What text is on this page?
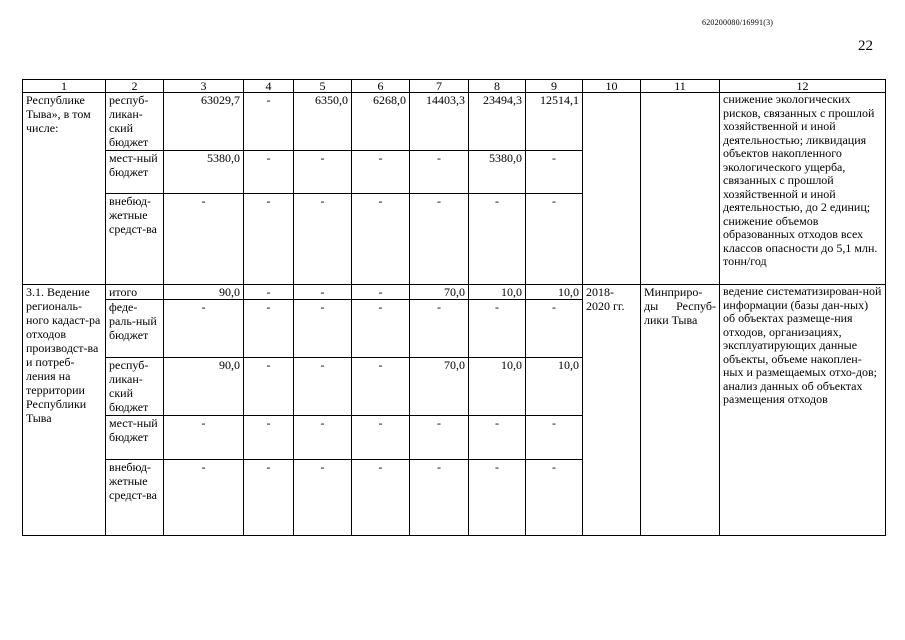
620200080/16991(3)
22
1	2	3	4	5	6	7	8	9	10	11	12
Республике Тыва», в том числе:	респуб-ликан-ский бюджет	63029,7	-	6350,0	6268,0	14403,3	23494,3	12514,1			снижение экологических рисков, связанных с прошлой хозяйственной и иной деятельностью; ликвидация объектов накопленного экологического ущерба, связанных с прошлой хозяйственной и иной деятельностью, до 2 единиц; снижение объемов образованных отходов всех классов опасности до 5,1 млн. тонн/год
	мест-ный бюджет	5380,0	-	-	-	-	5380,0	-			

	внебюд-жетные средст-ва	-	-	-	-	-	-	-			

3.1. Ведение региональ-ного кадаст-ра отходов производст-ва и потреб-ления на территории Республики Тыва	итого	90,0	-	-	-	70,0	10,0	10,0	2018-2020 гг.	Минприро-ды Респуб-лики Тыва	ведение систематизирован-ной информации (базы дан-ных) об объектах размеще-ния отходов, организациях, эксплуатирующих данные объекты, объеме накоплен-ных и размещаемых отхо-дов; анализ данных об объектах размещения отходов
	феде-раль-ный бюджет	-	-	-	-	-	-	-			

	респуб-ликан-ский бюджет	90,0	-	-	-	70,0	10,0	10,0			

	мест-ный бюджет	-	-	-	-	-	-	-			

	внебюд-жетные средст-ва	-	-	-	-	-	-	-			
